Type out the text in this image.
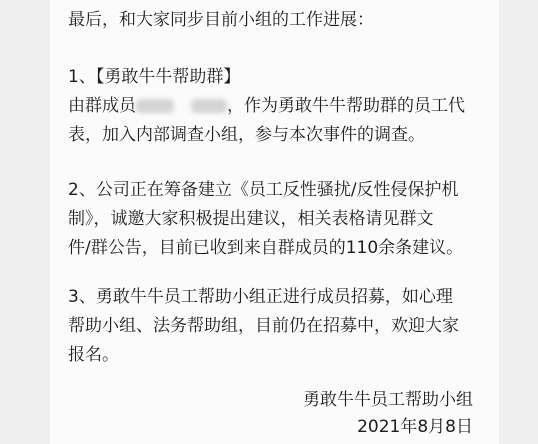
最后，和大家同步目前小组的工作进展：

1、【勇敢牛牛帮助群】

由群成员	，作为勇敢牛牛帮助群的员工代

表，加入内部调查小组，参与本次事件的调查。

2、公司正在筹备建立《员工反性骚扰/反性侵保护机

制》，诚邀大家积极提出建议，相关表格请见群文

件/群公告，目前已收到来自群成员的110余条建议。

3、勇敢牛牛员工帮助小组正进行成员招募，如心理

帮助小组、法务帮助组，目前仍在招募中，欢迎大家

报名。

勇敢牛牛员工帮助小组
2021年8月8日
